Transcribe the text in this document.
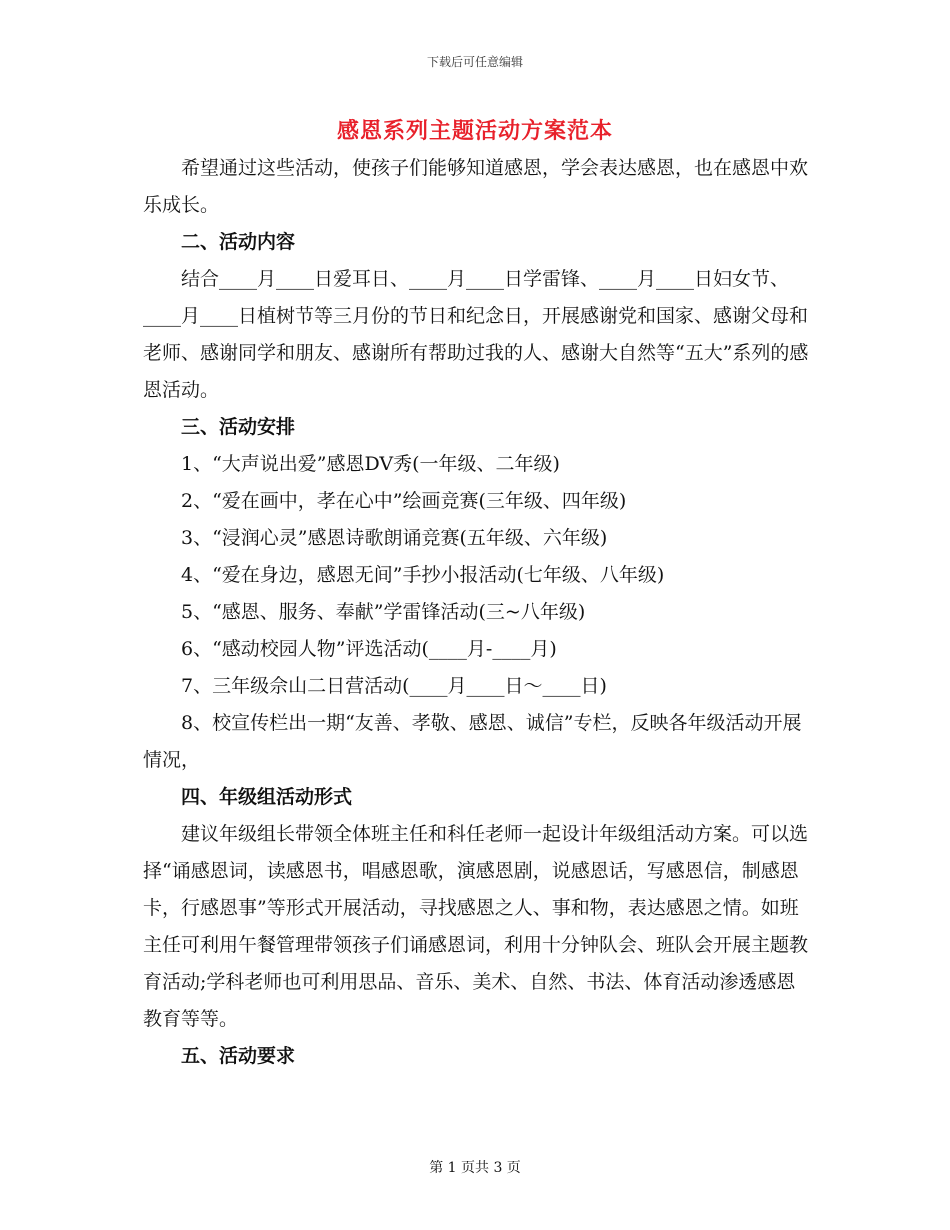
下载后可任意编辑
感恩系列主题活动方案范本

希望通过这些活动，使孩子们能够知道感恩，学会表达感恩，也在感恩中欢乐成长。

二、活动内容

结合____月____日爱耳日、____月____日学雷锋、____月____日妇女节、____月____日植树节等三月份的节日和纪念日，开展感谢党和国家、感谢父母和老师、感谢同学和朋友、感谢所有帮助过我的人、感谢大自然等“五大”系列的感恩活动。

三、活动安排

1、“大声说出爱”感恩DV秀(一年级、二年级)

2、“爱在画中，孝在心中”绘画竞赛(三年级、四年级)

3、“浸润心灵”感恩诗歌朗诵竞赛(五年级、六年级)

4、“爱在身边，感恩无间”手抄小报活动(七年级、八年级)

5、“感恩、服务、奉献”学雷锋活动(三~八年级)

6、“感动校园人物”评选活动(____月-____月)

7、三年级佘山二日营活动(____月____日～____日)

8、校宣传栏出一期“友善、孝敬、感恩、诚信”专栏，反映各年级活动开展情况，

四、年级组活动形式

建议年级组长带领全体班主任和科任老师一起设计年级组活动方案。可以选择“诵感恩词，读感恩书，唱感恩歌，演感恩剧，说感恩话，写感恩信，制感恩卡，行感恩事”等形式开展活动，寻找感恩之人、事和物，表达感恩之情。如班主任可利用午餐管理带领孩子们诵感恩词，利用十分钟队会、班队会开展主题教育活动;学科老师也可利用思品、音乐、美术、自然、书法、体育活动渗透感恩教育等等。

五、活动要求

第 1 页共 3 页
